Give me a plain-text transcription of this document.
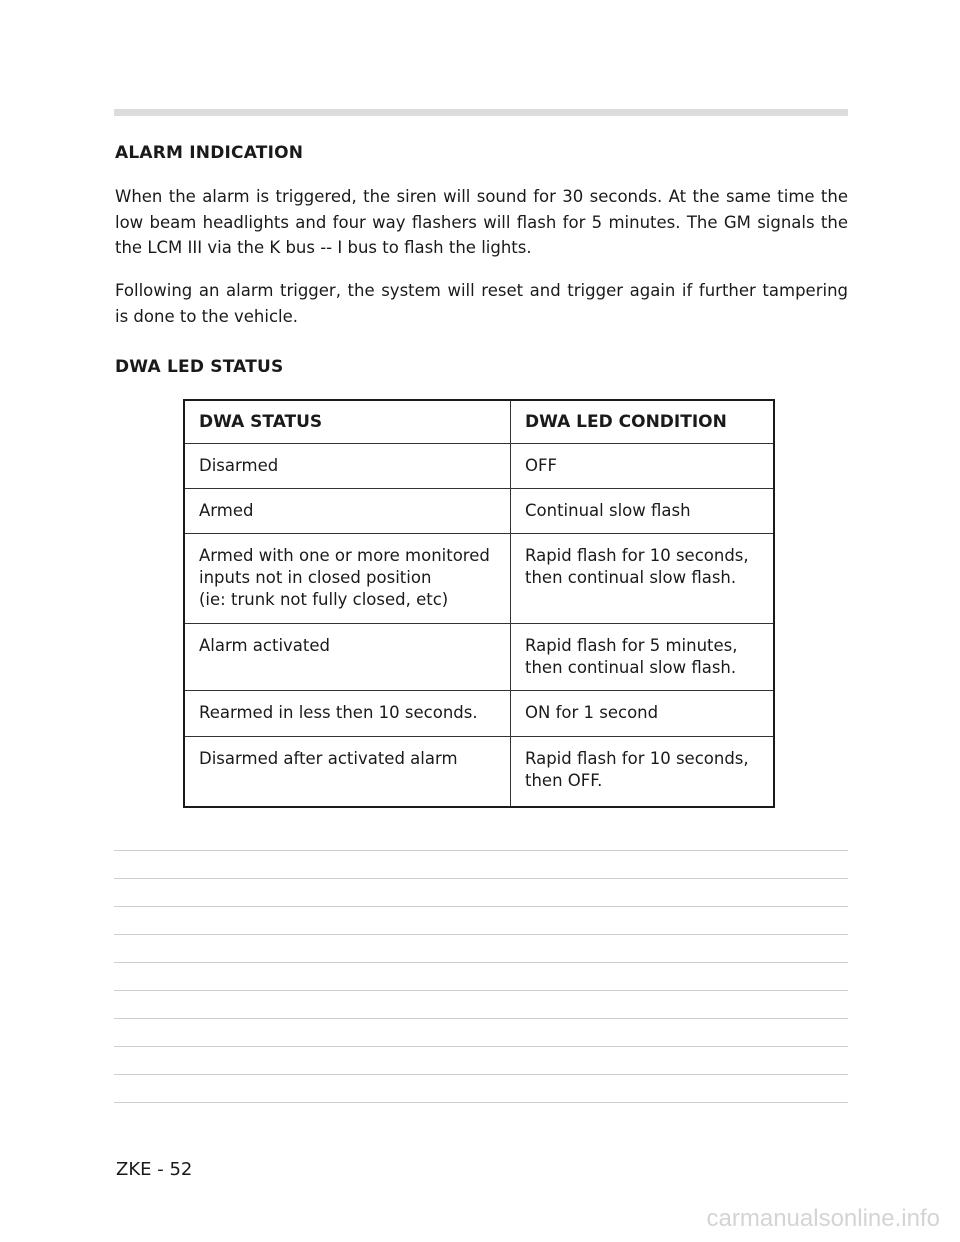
ALARM INDICATION

When the alarm is triggered, the siren will sound for 30 seconds. At the same time the low beam headlights and four way flashers will flash for 5 minutes. The GM signals the the LCM III via the K bus -- I bus to flash the lights.

Following an alarm trigger, the system will reset and trigger again if further tampering is done to the vehicle.

DWA LED STATUS
DWA STATUS	DWA LED CONDITION

Disarmed	OFF

Armed	Continual slow flash

Armed with one or more monitored
inputs not in closed position
(ie: trunk not fully closed, etc)	Rapid flash for 10 seconds,
then continual slow flash.

Alarm activated	Rapid flash for 5 minutes,
then continual slow flash.

Rearmed in less then 10 seconds.	ON for 1 second

Disarmed after activated alarm	Rapid flash for 10 seconds,
then OFF.
ZKE - 52
carmanualsonline.info
